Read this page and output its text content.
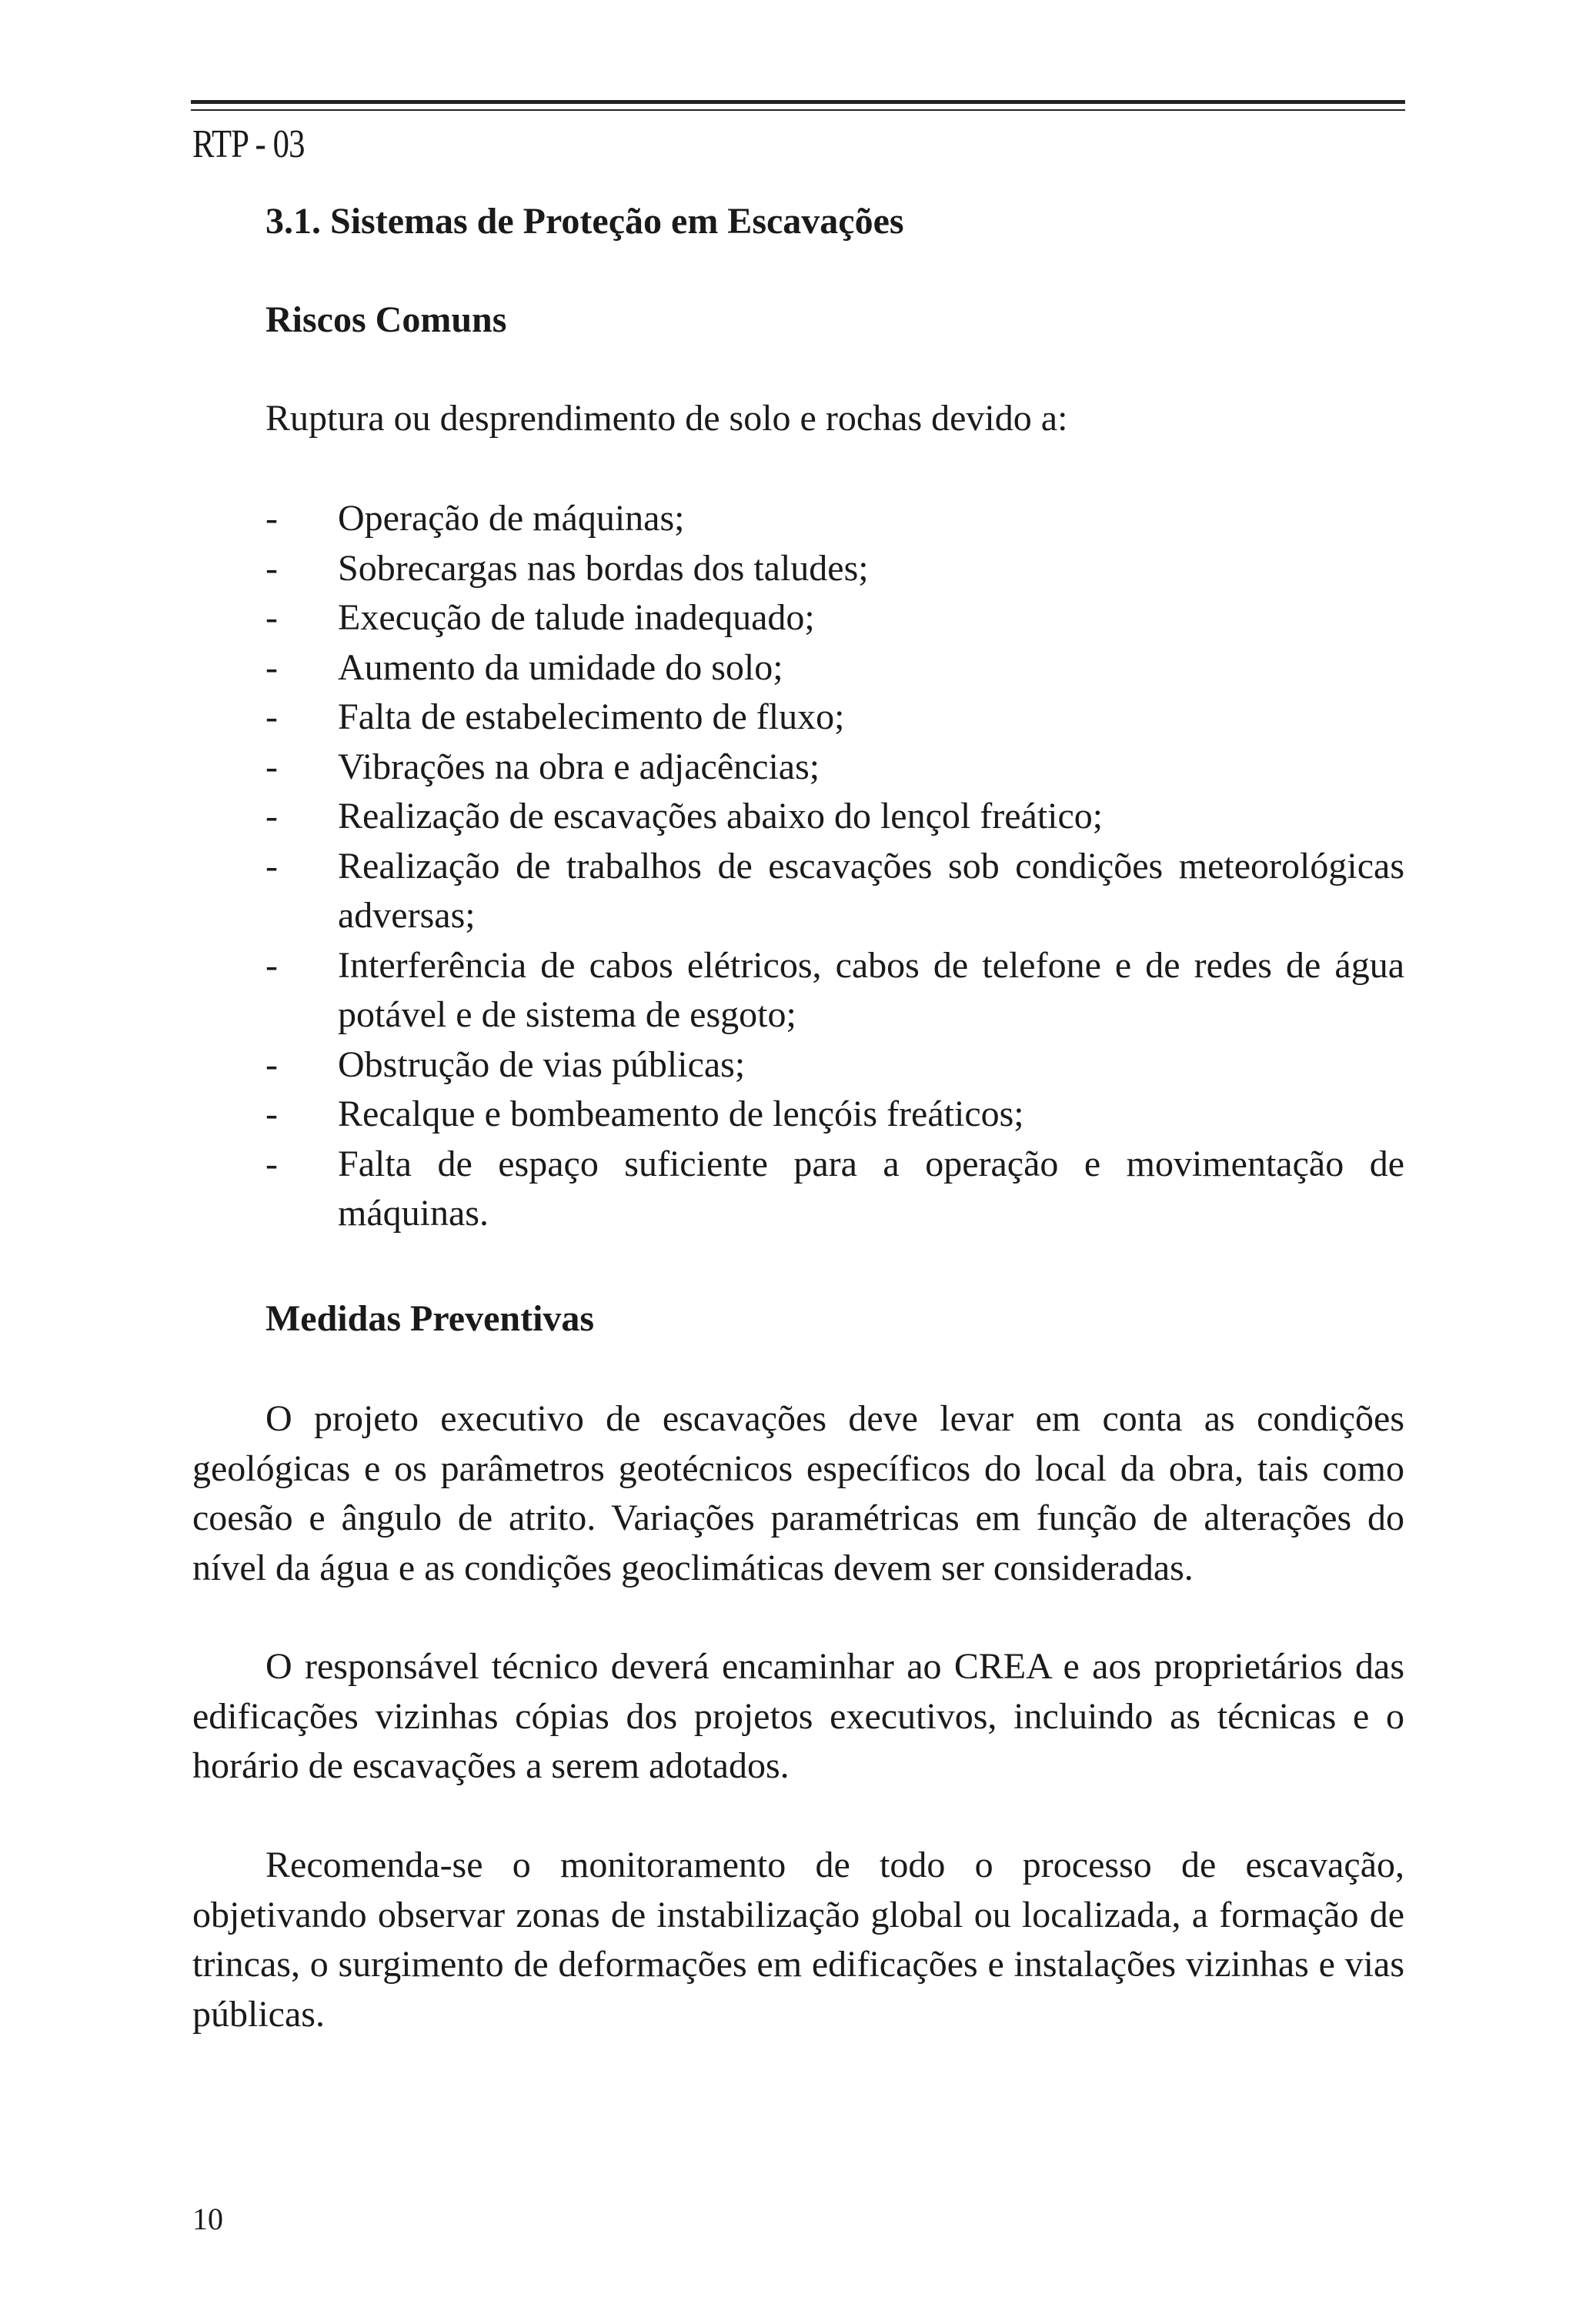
RTP - 03
3.1. Sistemas de Proteção em Escavações
Riscos Comuns
Ruptura ou desprendimento de solo e rochas devido a:
- Operação de máquinas;
- Sobrecargas nas bordas dos taludes;
- Execução de talude inadequado;
- Aumento da umidade do solo;
- Falta de estabelecimento de fluxo;
- Vibrações na obra e adjacências;
- Realização de escavações abaixo do lençol freático;
- Realização de trabalhos de escavações sob condições meteorológicas adversas;
- Interferência de cabos elétricos, cabos de telefone e de redes de água potável e de sistema de esgoto;
- Obstrução de vias públicas;
- Recalque e bombeamento de lençóis freáticos;
- Falta de espaço suficiente para a operação e movimentação de máquinas.
Medidas Preventivas

O projeto executivo de escavações deve levar em conta as condições geológicas e os parâmetros geotécnicos específicos do local da obra, tais como coesão e ângulo de atrito. Variações paramétricas em função de alterações do nível da água e as condições geoclimáticas devem ser consideradas.

O responsável técnico deverá encaminhar ao CREA e aos proprietários das edificações vizinhas cópias dos projetos executivos, incluindo as técnicas e o horário de escavações a serem adotados.

Recomenda-se o monitoramento de todo o processo de escavação, objetivando observar zonas de instabilização global ou localizada, a formação de trincas, o surgimento de deformações em edificações e instalações vizinhas e vias públicas.

10
